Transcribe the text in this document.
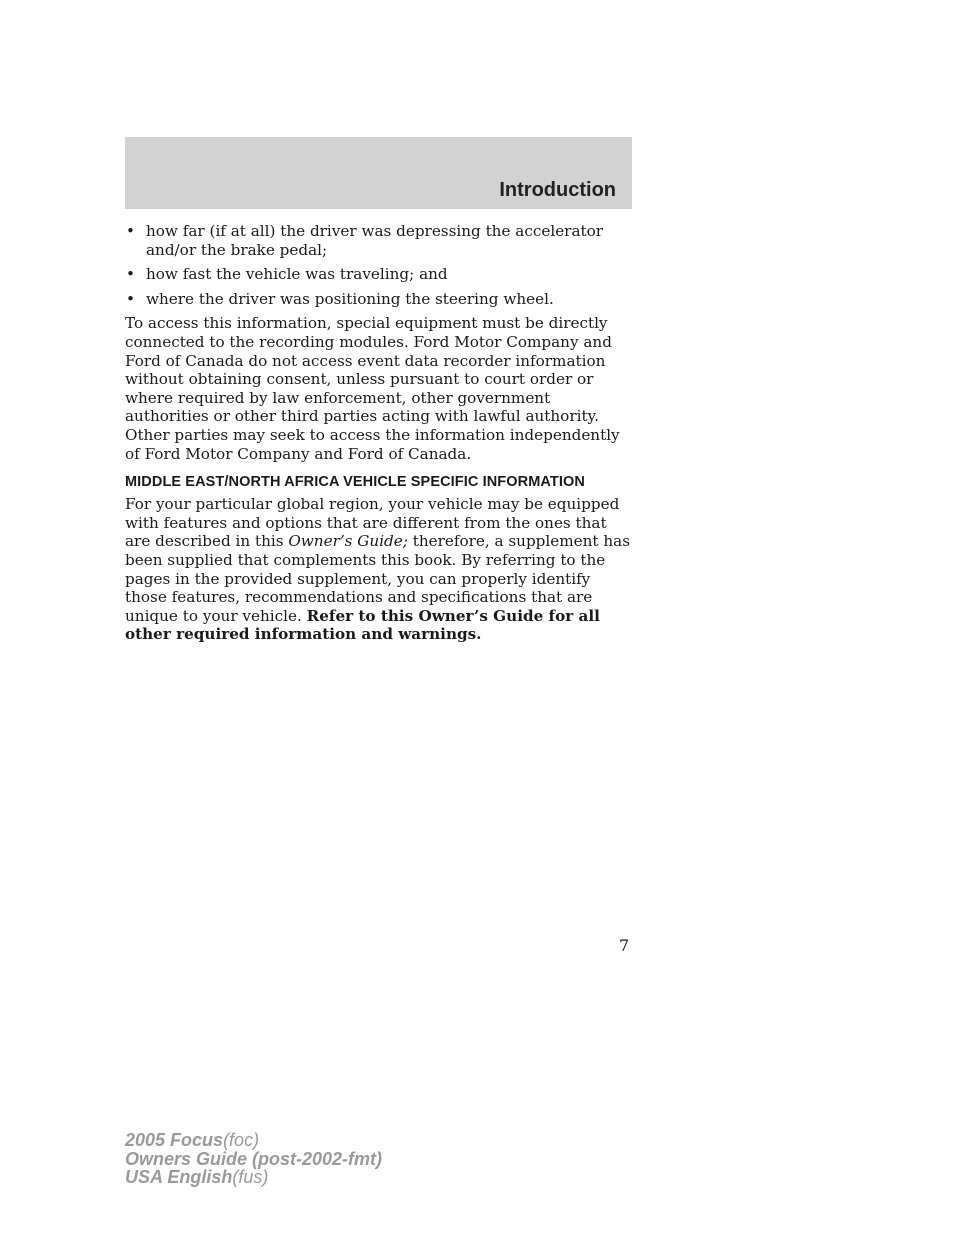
Introduction
• how far (if at all) the driver was depressing the accelerator and/or the brake pedal;
• how fast the vehicle was traveling; and
• where the driver was positioning the steering wheel.

To access this information, special equipment must be directly connected to the recording modules. Ford Motor Company and Ford of Canada do not access event data recorder information without obtaining consent, unless pursuant to court order or where required by law enforcement, other government authorities or other third parties acting with lawful authority. Other parties may seek to access the information independently of Ford Motor Company and Ford of Canada.

MIDDLE EAST/NORTH AFRICA VEHICLE SPECIFIC INFORMATION

For your particular global region, your vehicle may be equipped with features and options that are different from the ones that are described in this Owner’s Guide; therefore, a supplement has been supplied that complements this book. By referring to the pages in the provided supplement, you can properly identify those features, recommendations and specifications that are unique to your vehicle. Refer to this Owner’s Guide for all other required information and warnings.

7
2005 Focus(foc)
Owners Guide (post-2002-fmt)
USA English(fus)
